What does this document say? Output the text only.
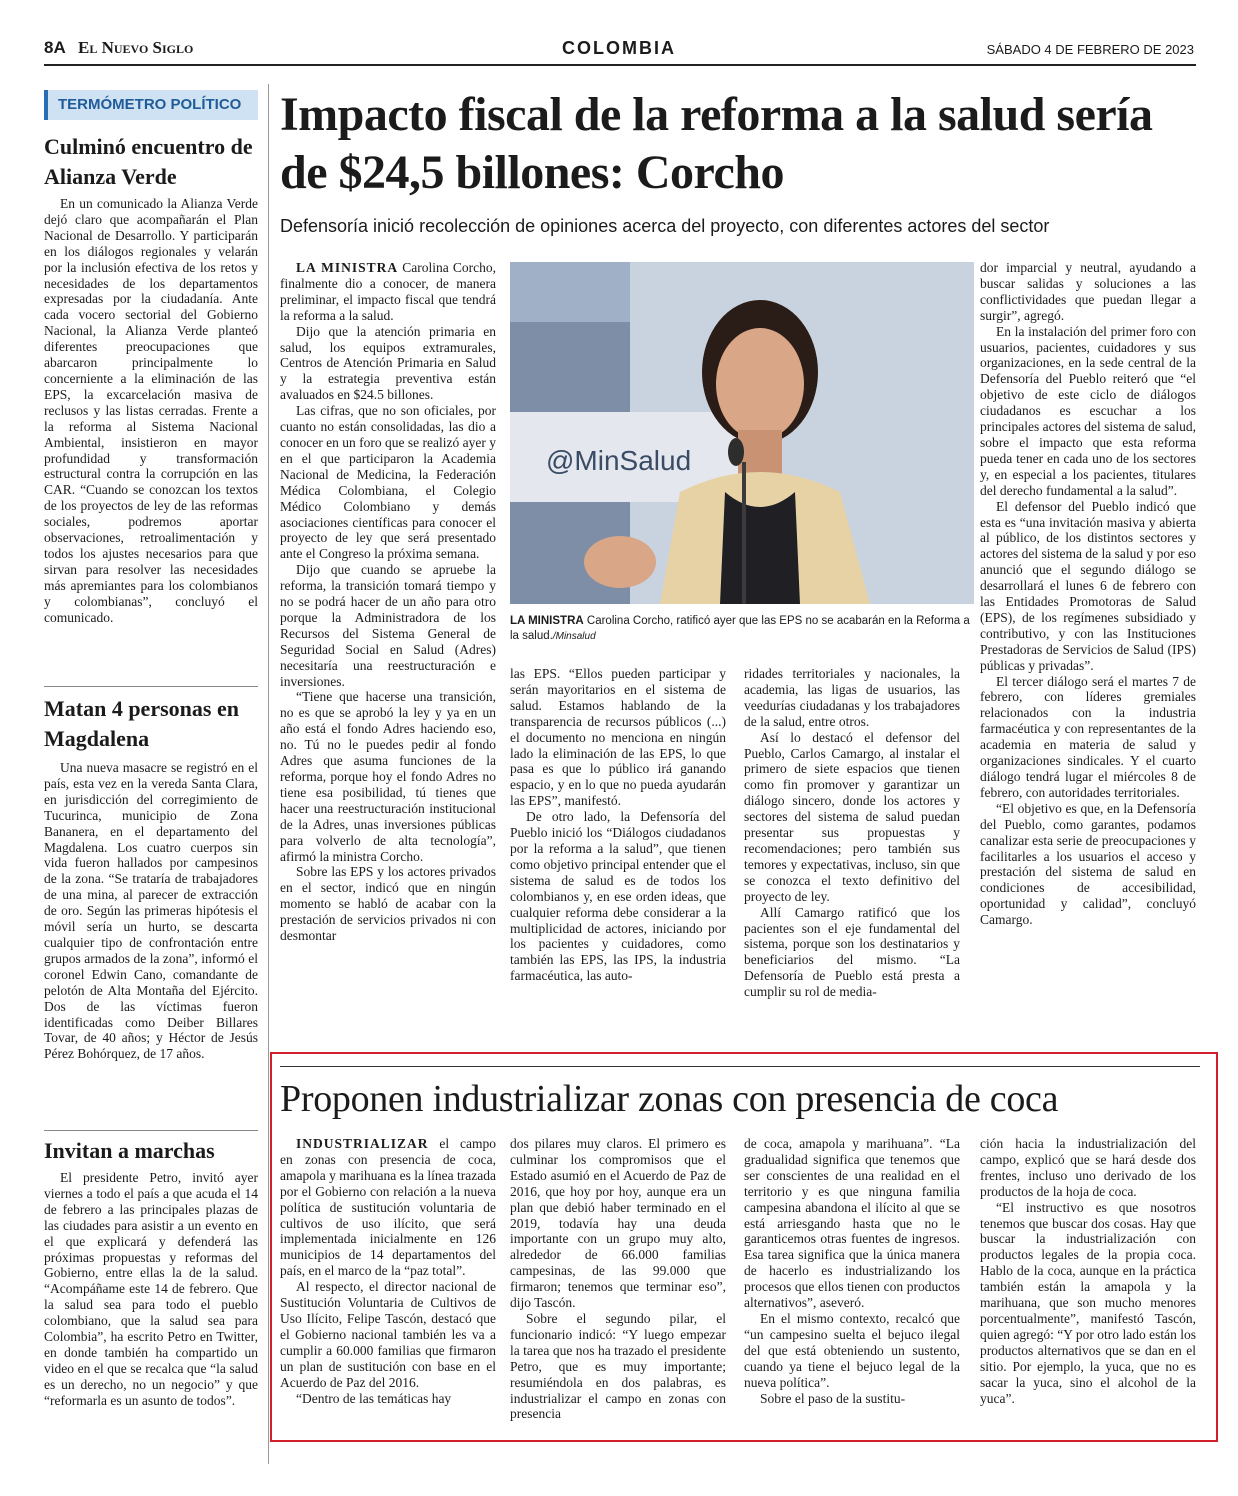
8A El Nuevo Siglo	COLOMBIA	SÁBADO 4 DE FEBRERO DE 2023
TERMÓMETRO POLÍTICO
Culminó encuentro de Alianza Verde

En un comunicado la Alianza Verde dejó claro que acompañarán el Plan Nacional de Desarrollo. Y participarán en los diálogos regionales y velarán por la inclusión efectiva de los retos y necesidades de los departamentos expresadas por la ciudadanía. Ante cada vocero sectorial del Gobierno Nacional, la Alianza Verde planteó diferentes preocupaciones que abarcaron principalmente lo concerniente a la eliminación de las EPS, la excarcelación masiva de reclusos y las listas cerradas. Frente a la reforma al Sistema Nacional Ambiental, insistieron en mayor profundidad y transformación estructural contra la corrupción en las CAR. “Cuando se conozcan los textos de los proyectos de ley de las reformas sociales, podremos aportar observaciones, retroalimentación y todos los ajustes necesarios para que sirvan para resolver las necesidades más apremiantes para los colombianos y colombianas”, concluyó el comunicado.

Matan 4 personas en Magdalena

Una nueva masacre se registró en el país, esta vez en la vereda Santa Clara, en jurisdicción del corregimiento de Tucurinca, municipio de Zona Bananera, en el departamento del Magdalena. Los cuatro cuerpos sin vida fueron hallados por campesinos de la zona. “Se trataría de trabajadores de una mina, al parecer de extracción de oro. Según las primeras hipótesis el móvil sería un hurto, se descarta cualquier tipo de confrontación entre grupos armados de la zona”, informó el coronel Edwin Cano, comandante de pelotón de Alta Montaña del Ejército. Dos de las víctimas fueron identificadas como Deiber Billares Tovar, de 40 años; y Héctor de Jesús Pérez Bohórquez, de 17 años.

Invitan a marchas

El presidente Petro, invitó ayer viernes a todo el país a que acuda el 14 de febrero a las principales plazas de las ciudades para asistir a un evento en el que explicará y defenderá las próximas propuestas y reformas del Gobierno, entre ellas la de la salud. “Acompáñame este 14 de febrero. Que la salud sea para todo el pueblo colombiano, que la salud sea para Colombia”, ha escrito Petro en Twitter, en donde también ha compartido un video en el que se recalca que “la salud es un derecho, no un negocio” y que “reformarla es un asunto de todos”.

Impacto fiscal de la reforma a la salud sería de $24,5 billones: Corcho
Defensoría inició recolección de opiniones acerca del proyecto, con diferentes actores del sector

LA MINISTRA Carolina Corcho, finalmente dio a conocer, de manera preliminar, el impacto fiscal que tendrá la reforma a la salud.

Dijo que la atención primaria en salud, los equipos extramurales, Centros de Atención Primaria en Salud y la estrategia preventiva están avaluados en $24.5 billones.

Las cifras, que no son oficiales, por cuanto no están consolidadas, las dio a conocer en un foro que se realizó ayer y en el que participaron la Academia Nacional de Medicina, la Federación Médica Colombiana, el Colegio Médico Colombiano y demás asociaciones científicas para conocer el proyecto de ley que será presentado ante el Congreso la próxima semana.

Dijo que cuando se apruebe la reforma, la transición tomará tiempo y no se podrá hacer de un año para otro porque la Administradora de los Recursos del Sistema General de Seguridad Social en Salud (Adres) necesitaría una reestructuración e inversiones.

“Tiene que hacerse una transición, no es que se aprobó la ley y ya en un año está el fondo Adres haciendo eso, no. Tú no le puedes pedir al fondo Adres que asuma funciones de la reforma, porque hoy el fondo Adres no tiene esa posibilidad, tú tienes que hacer una reestructuración institucional de la Adres, unas inversiones públicas para volverlo de alta tecnología”, afirmó la ministra Corcho.

Sobre las EPS y los actores privados en el sector, indicó que en ningún momento se habló de acabar con la prestación de servicios privados ni con desmontar

@MinSalud
LA MINISTRA Carolina Corcho, ratificó ayer que las EPS no se acabarán en la Reforma a la salud./Minsalud

las EPS. “Ellos pueden participar y serán mayoritarios en el sistema de salud. Estamos hablando de la transparencia de recursos públicos (...) el documento no menciona en ningún lado la eliminación de las EPS, lo que pasa es que lo público irá ganando espacio, y en lo que no pueda ayudarán las EPS”, manifestó.

De otro lado, la Defensoría del Pueblo inició los “Diálogos ciudadanos por la reforma a la salud”, que tienen como objetivo principal entender que el sistema de salud es de todos los colombianos y, en ese orden ideas, que cualquier reforma debe considerar a la multiplicidad de actores, iniciando por los pacientes y cuidadores, como también las EPS, las IPS, la industria farmacéutica, las auto-

ridades territoriales y nacionales, la academia, las ligas de usuarios, las veedurías ciudadanas y los trabajadores de la salud, entre otros.

Así lo destacó el defensor del Pueblo, Carlos Camargo, al instalar el primero de siete espacios que tienen como fin promover y garantizar un diálogo sincero, donde los actores y sectores del sistema de salud puedan presentar sus propuestas y recomendaciones; pero también sus temores y expectativas, incluso, sin que se conozca el texto definitivo del proyecto de ley.

Allí Camargo ratificó que los pacientes son el eje fundamental del sistema, porque son los destinatarios y beneficiarios del mismo. “La Defensoría de Pueblo está presta a cumplir su rol de media-

dor imparcial y neutral, ayudando a buscar salidas y soluciones a las conflictividades que puedan llegar a surgir”, agregó.

En la instalación del primer foro con usuarios, pacientes, cuidadores y sus organizaciones, en la sede central de la Defensoría del Pueblo reiteró que “el objetivo de este ciclo de diálogos ciudadanos es escuchar a los principales actores del sistema de salud, sobre el impacto que esta reforma pueda tener en cada uno de los sectores y, en especial a los pacientes, titulares del derecho fundamental a la salud”.

El defensor del Pueblo indicó que esta es “una invitación masiva y abierta al público, de los distintos sectores y actores del sistema de la salud y por eso anunció que el segundo diálogo se desarrollará el lunes 6 de febrero con las Entidades Promotoras de Salud (EPS), de los regímenes subsidiado y contributivo, y con las Instituciones Prestadoras de Servicios de Salud (IPS) públicas y privadas”.

El tercer diálogo será el martes 7 de febrero, con líderes gremiales relacionados con la industria farmacéutica y con representantes de la academia en materia de salud y organizaciones sindicales. Y el cuarto diálogo tendrá lugar el miércoles 8 de febrero, con autoridades territoriales.

“El objetivo es que, en la Defensoría del Pueblo, como garantes, podamos canalizar esta serie de preocupaciones y facilitarles a los usuarios el acceso y prestación del sistema de salud en condiciones de accesibilidad, oportunidad y calidad”, concluyó Camargo.

Proponen industrializar zonas con presencia de coca

INDUSTRIALIZAR el campo en zonas con presencia de coca, amapola y marihuana es la línea trazada por el Gobierno con relación a la nueva política de sustitución voluntaria de cultivos de uso ilícito, que será implementada inicialmente en 126 municipios de 14 departamentos del país, en el marco de la “paz total”.

Al respecto, el director nacional de Sustitución Voluntaria de Cultivos de Uso Ilícito, Felipe Tascón, destacó que el Gobierno nacional también les va a cumplir a 60.000 familias que firmaron un plan de sustitución con base en el Acuerdo de Paz del 2016.

“Dentro de las temáticas hay

dos pilares muy claros. El primero es culminar los compromisos que el Estado asumió en el Acuerdo de Paz de 2016, que hoy por hoy, aunque era un plan que debió haber terminado en el 2019, todavía hay una deuda importante con un grupo muy alto, alrededor de 66.000 familias campesinas, de las 99.000 que firmaron; tenemos que terminar eso”, dijo Tascón.

Sobre el segundo pilar, el funcionario indicó: “Y luego empezar la tarea que nos ha trazado el presidente Petro, que es muy importante; resumiéndola en dos palabras, es industrializar el campo en zonas con presencia

de coca, amapola y marihuana”. “La gradualidad significa que tenemos que ser conscientes de una realidad en el territorio y es que ninguna familia campesina abandona el ilícito al que se está arriesgando hasta que no le garanticemos otras fuentes de ingresos. Esa tarea significa que la única manera de hacerlo es industrializando los procesos que ellos tienen con productos alternativos”, aseveró.

En el mismo contexto, recalcó que “un campesino suelta el bejuco ilegal del que está obteniendo un sustento, cuando ya tiene el bejuco legal de la nueva política”.

Sobre el paso de la sustitu-

ción hacia la industrialización del campo, explicó que se hará desde dos frentes, incluso uno derivado de los productos de la hoja de coca.

“El instructivo es que nosotros tenemos que buscar dos cosas. Hay que buscar la industrialización con productos legales de la propia coca. Hablo de la coca, aunque en la práctica también están la amapola y la marihuana, que son mucho menores porcentualmente”, manifestó Tascón, quien agregó: “Y por otro lado están los productos alternativos que se dan en el sitio. Por ejemplo, la yuca, que no es sacar la yuca, sino el alcohol de la yuca”.
